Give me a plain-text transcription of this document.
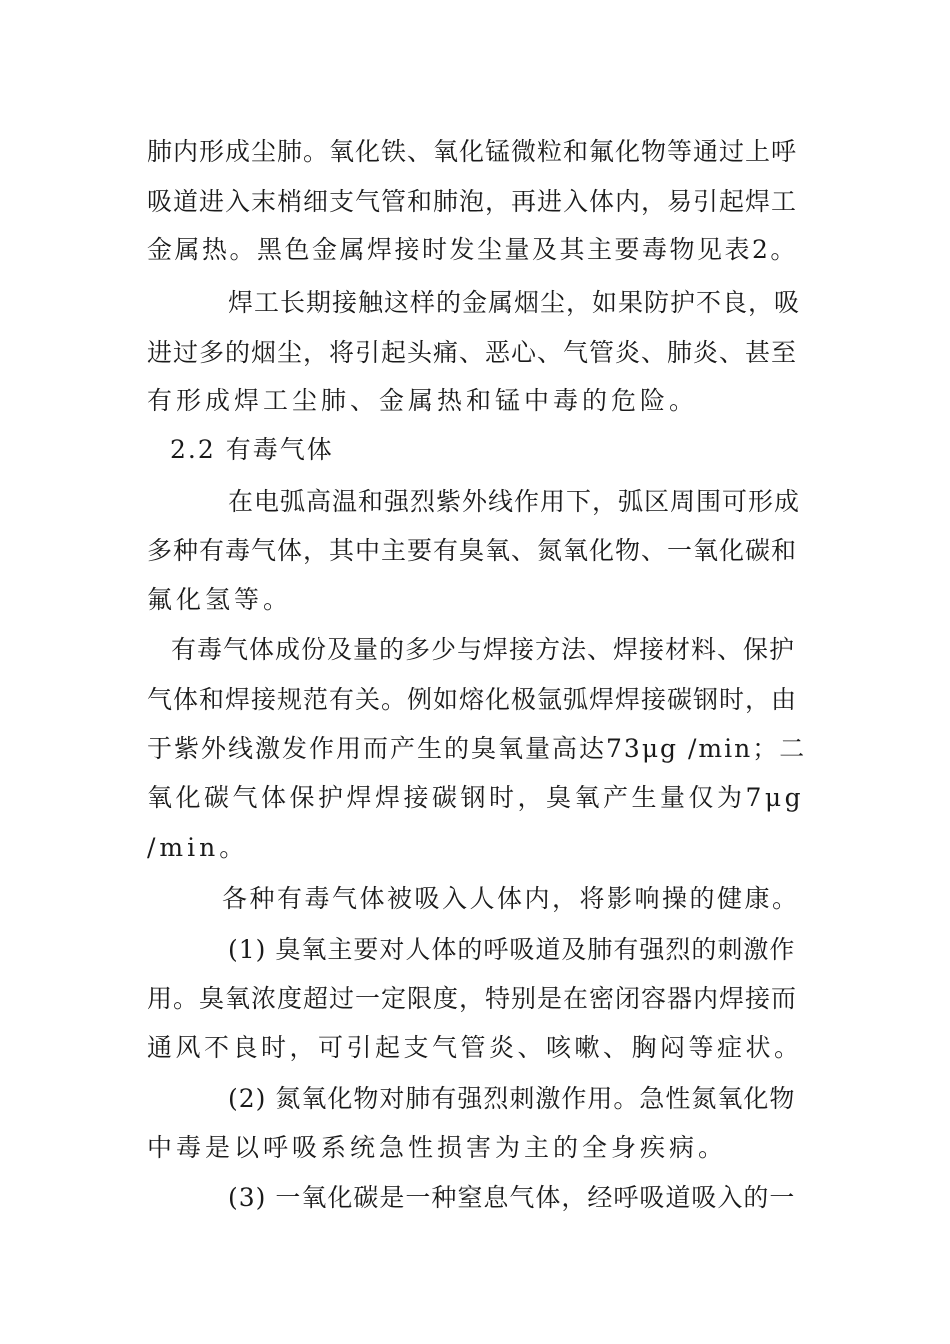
肺内形成尘肺。氧化铁、氧化锰微粒和氟化物等通过上呼
吸道进入末梢细支气管和肺泡，再进入体内，易引起焊工
金属热。黑色金属焊接时发尘量及其主要毒物见表2。
焊工长期接触这样的金属烟尘，如果防护不良，吸
进过多的烟尘，将引起头痛、恶心、气管炎、肺炎、甚至
有形成焊工尘肺、金属热和锰中毒的危险。
2.2 有毒气体
在电弧高温和强烈紫外线作用下，弧区周围可形成
多种有毒气体，其中主要有臭氧、氮氧化物、一氧化碳和
氟化氢等。
有毒气体成份及量的多少与焊接方法、焊接材料、保护
气体和焊接规范有关。例如熔化极氩弧焊焊接碳钢时，由
于紫外线激发作用而产生的臭氧量高达73μg /min；二
氧化碳气体保护焊焊接碳钢时，臭氧产生量仅为7μg
/min。
各种有毒气体被吸入人体内，将影响操的健康。
(1) 臭氧主要对人体的呼吸道及肺有强烈的刺激作
用。臭氧浓度超过一定限度，特别是在密闭容器内焊接而
通风不良时，可引起支气管炎、咳嗽、胸闷等症状。
(2) 氮氧化物对肺有强烈刺激作用。急性氮氧化物
中毒是以呼吸系统急性损害为主的全身疾病。
(3) 一氧化碳是一种窒息气体，经呼吸道吸入的一
